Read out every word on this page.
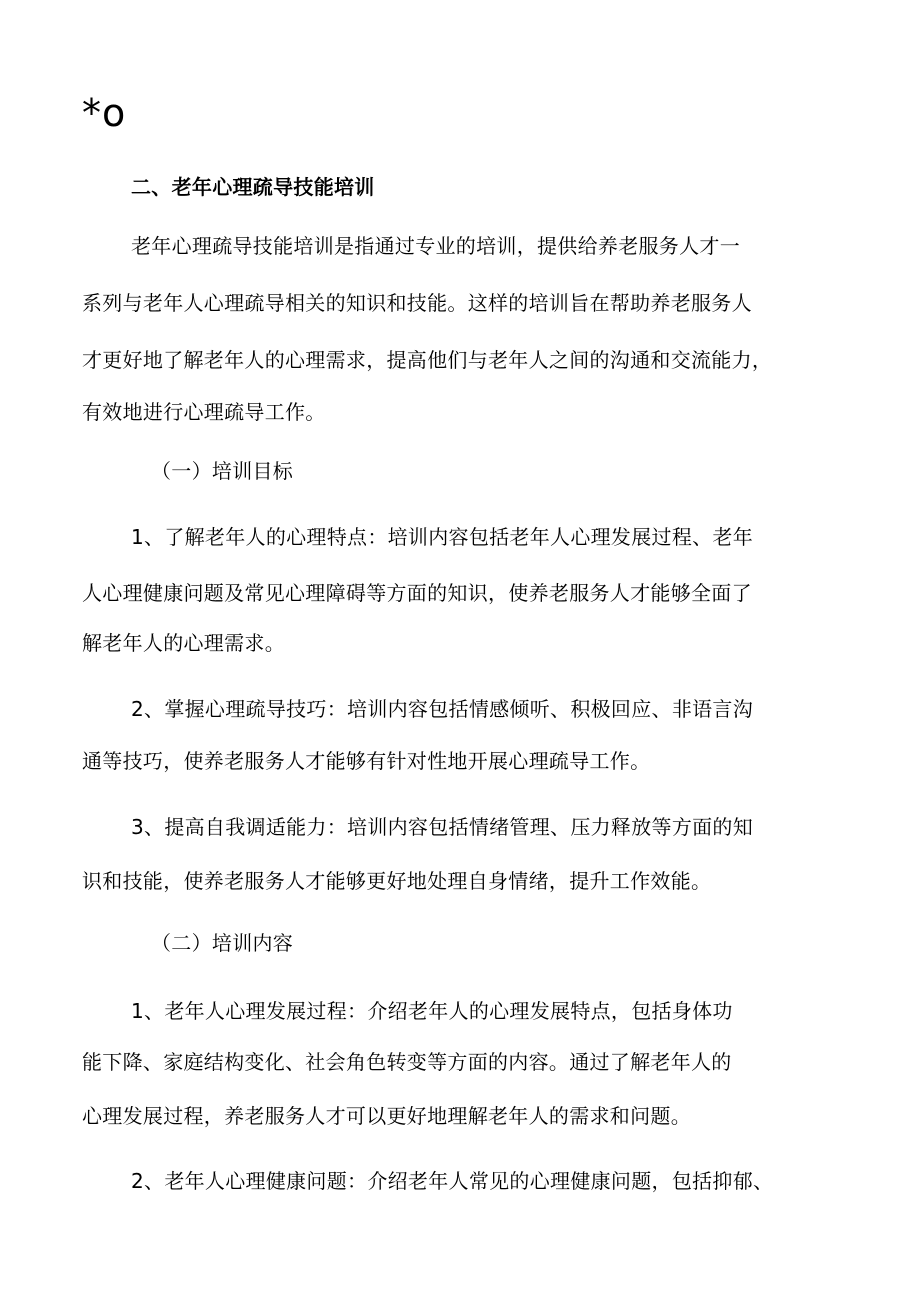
*o
二、老年心理疏导技能培训
老年心理疏导技能培训是指通过专业的培训，提供给养老服务人才一
系列与老年人心理疏导相关的知识和技能。这样的培训旨在帮助养老服务人
才更好地了解老年人的心理需求，提高他们与老年人之间的沟通和交流能力，
有效地进行心理疏导工作。
（一）培训目标
1、了解老年人的心理特点：培训内容包括老年人心理发展过程、老年
人心理健康问题及常见心理障碍等方面的知识，使养老服务人才能够全面了
解老年人的心理需求。
2、掌握心理疏导技巧：培训内容包括情感倾听、积极回应、非语言沟
通等技巧，使养老服务人才能够有针对性地开展心理疏导工作。
3、提高自我调适能力：培训内容包括情绪管理、压力释放等方面的知
识和技能，使养老服务人才能够更好地处理自身情绪，提升工作效能。
（二）培训内容
1、老年人心理发展过程：介绍老年人的心理发展特点，包括身体功
能下降、家庭结构变化、社会角色转变等方面的内容。通过了解老年人的
心理发展过程，养老服务人才可以更好地理解老年人的需求和问题。
2、老年人心理健康问题：介绍老年人常见的心理健康问题，包括抑郁、
